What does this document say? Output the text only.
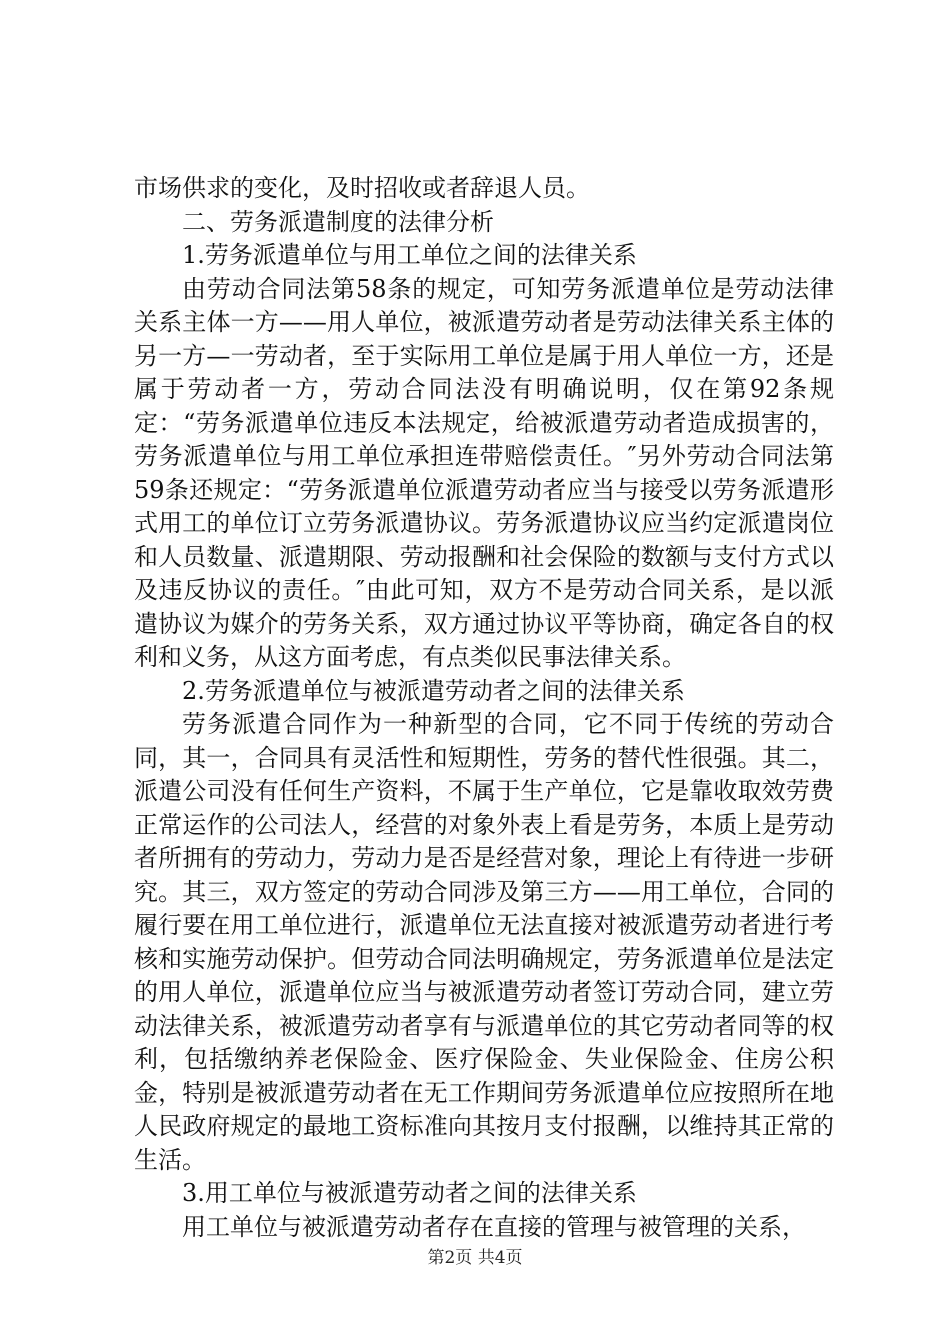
市场供求的变化，及时招收或者辞退人员。

二、劳务派遣制度的法律分析

1.劳务派遣单位与用工单位之间的法律关系

由劳动合同法第58条的规定，可知劳务派遣单位是劳动法律关系主体一方——用人单位，被派遣劳动者是劳动法律关系主体的另一方—一劳动者，至于实际用工单位是属于用人单位一方，还是属于劳动者一方，劳动合同法没有明确说明，仅在第92条规定：“劳务派遣单位违反本法规定，给被派遣劳动者造成损害的，劳务派遣单位与用工单位承担连带赔偿责任。″另外劳动合同法第59条还规定：“劳务派遣单位派遣劳动者应当与接受以劳务派遣形式用工的单位订立劳务派遣协议。劳务派遣协议应当约定派遣岗位和人员数量、派遣期限、劳动报酬和社会保险的数额与支付方式以及违反协议的责任。″由此可知，双方不是劳动合同关系，是以派遣协议为媒介的劳务关系，双方通过协议平等协商，确定各自的权利和义务，从这方面考虑，有点类似民事法律关系。

2.劳务派遣单位与被派遣劳动者之间的法律关系

劳务派遣合同作为一种新型的合同，它不同于传统的劳动合同，其一，合同具有灵活性和短期性，劳务的替代性很强。其二，派遣公司没有任何生产资料，不属于生产单位，它是靠收取效劳费正常运作的公司法人，经营的对象外表上看是劳务，本质上是劳动者所拥有的劳动力，劳动力是否是经营对象，理论上有待进一步研究。其三，双方签定的劳动合同涉及第三方——用工单位，合同的履行要在用工单位进行，派遣单位无法直接对被派遣劳动者进行考核和实施劳动保护。但劳动合同法明确规定，劳务派遣单位是法定的用人单位，派遣单位应当与被派遣劳动者签订劳动合同，建立劳动法律关系，被派遣劳动者享有与派遣单位的其它劳动者同等的权利，包括缴纳养老保险金、医疗保险金、失业保险金、住房公积金，特别是被派遣劳动者在无工作期间劳务派遣单位应按照所在地人民政府规定的最地工资标准向其按月支付报酬，以维持其正常的生活。

3.用工单位与被派遣劳动者之间的法律关系

用工单位与被派遣劳动者存在直接的管理与被管理的关系，

第2页 共4页
